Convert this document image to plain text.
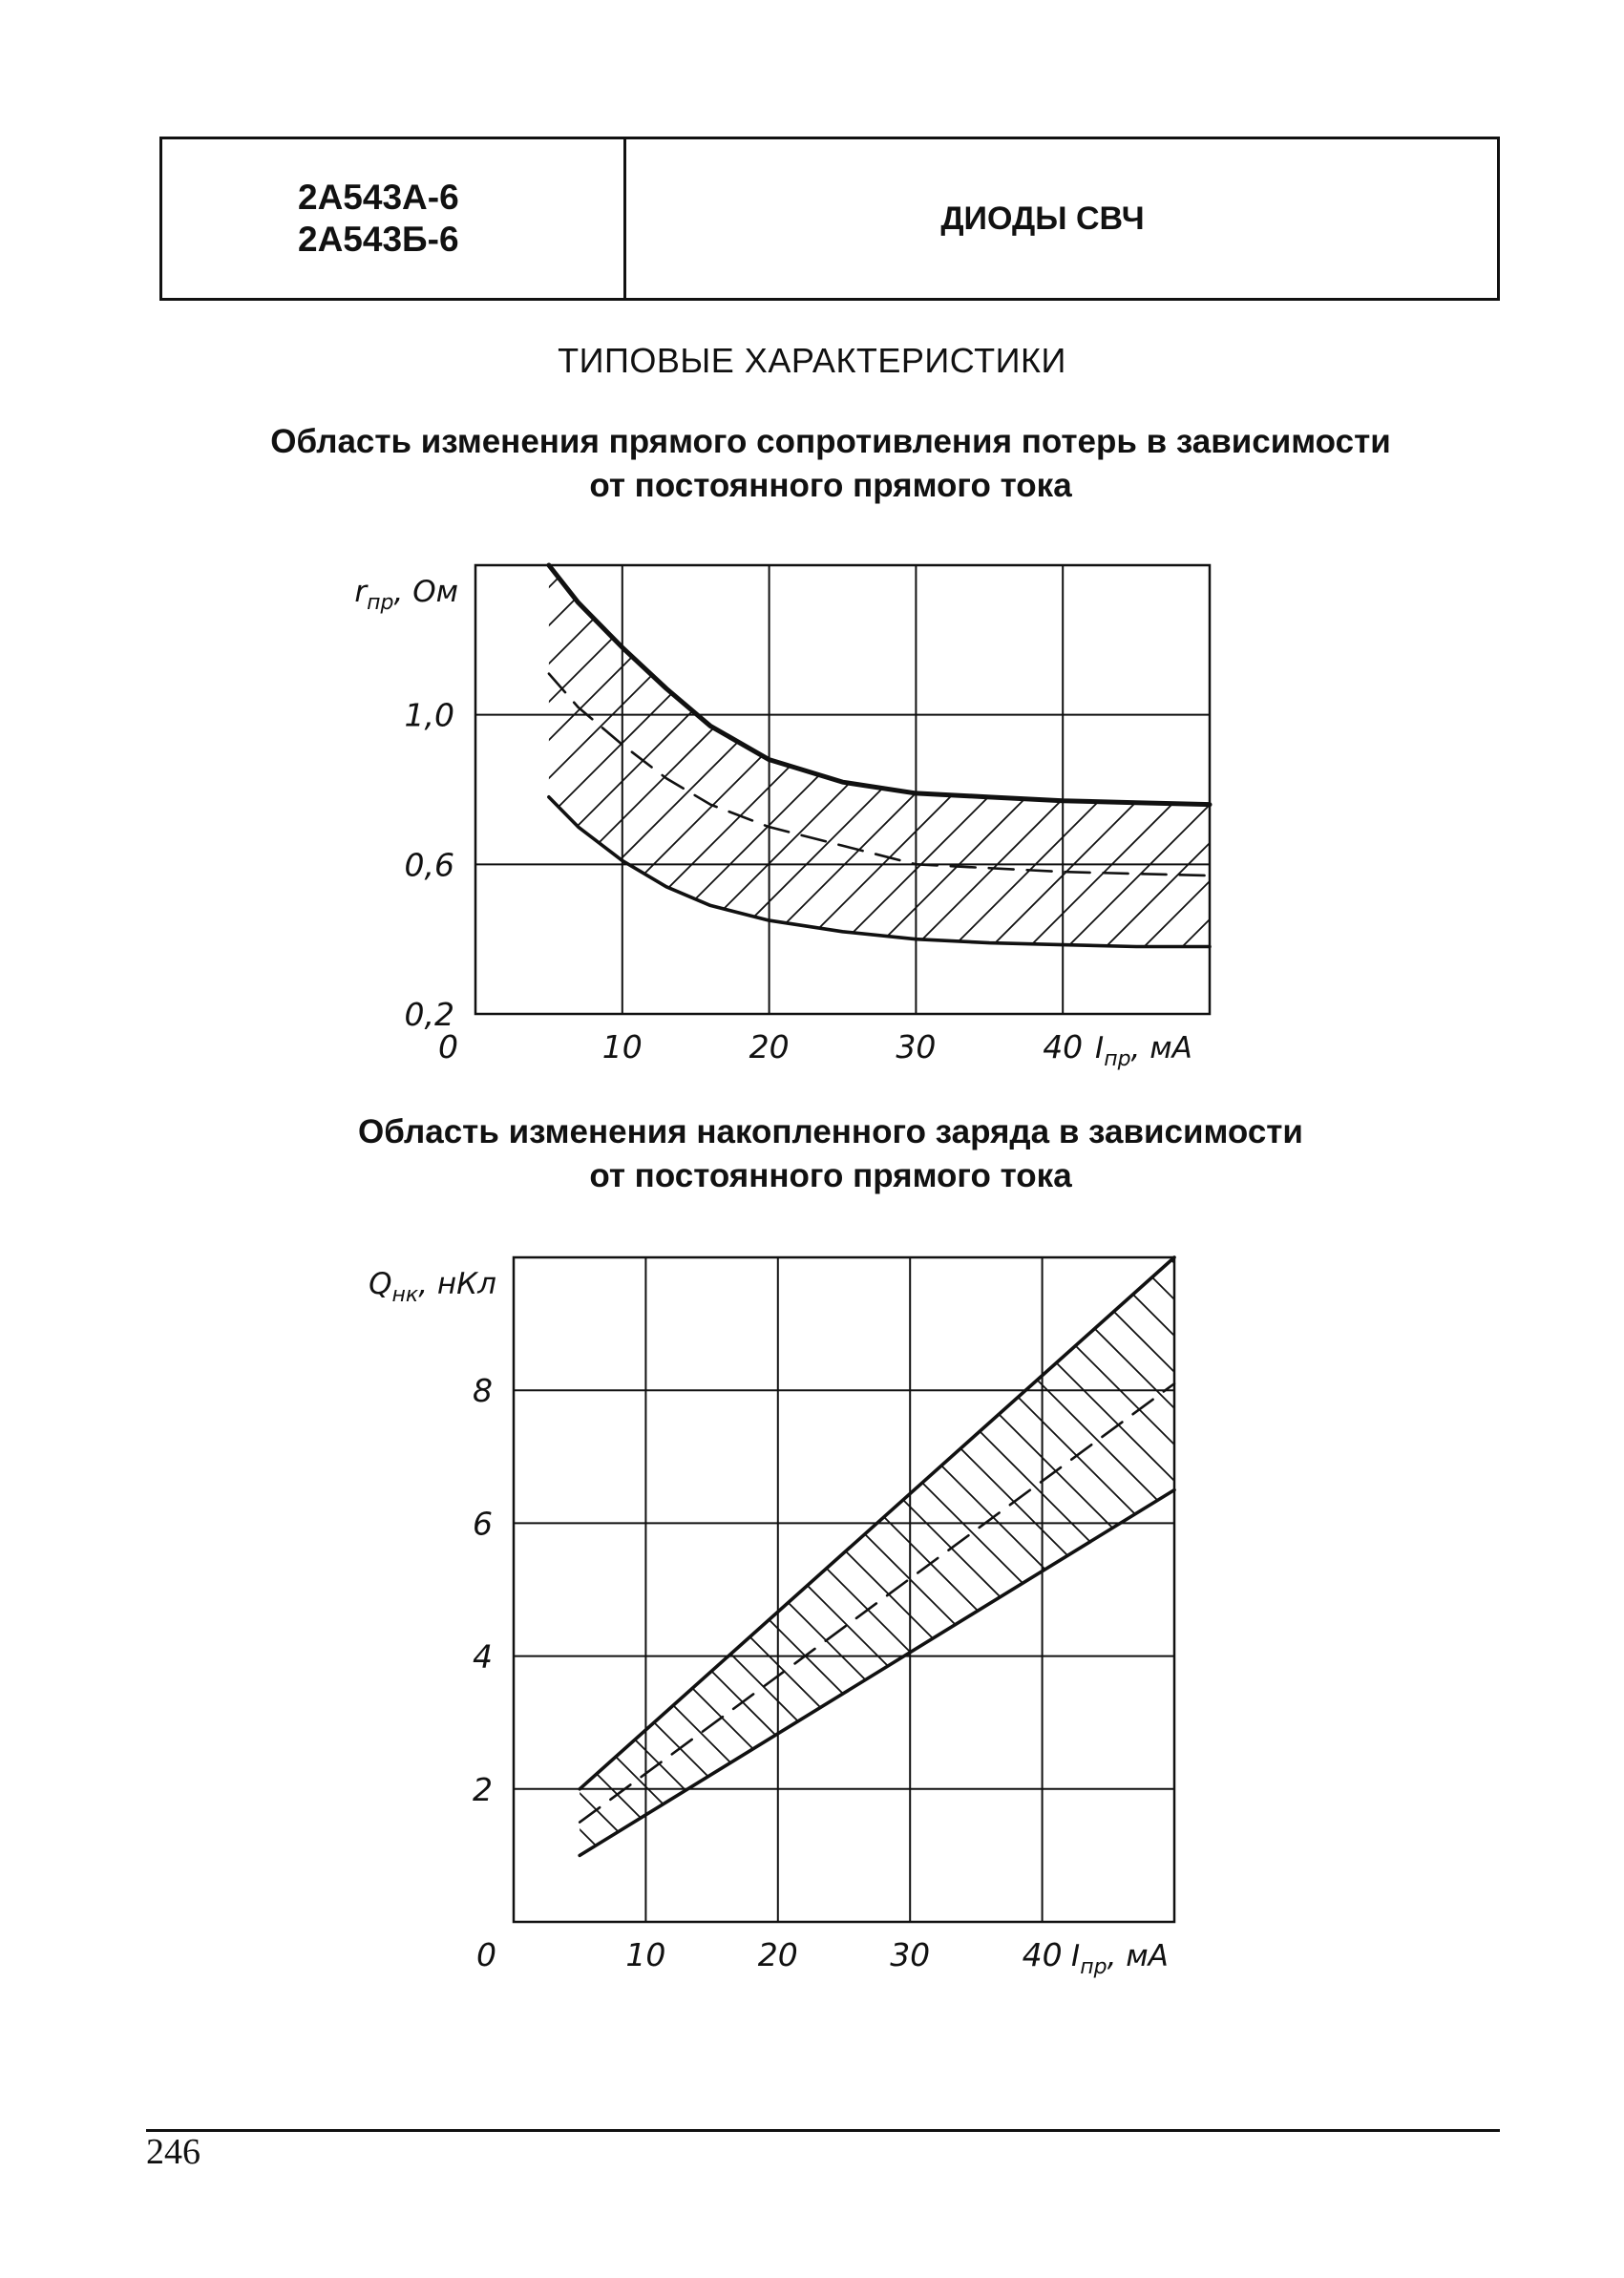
2А543А-6
2А543Б-6
ДИОДЫ СВЧ
ТИПОВЫЕ ХАРАКТЕРИСТИКИ
Область изменения прямого сопротивления потерь в зависимости
от постоянного прямого тока
Область изменения накопленного заряда в зависимости
от постоянного прямого тока
0,2
0,6
1,0
0	10	20	30	40
$r_{пр}$, Ом
$I_{пр}$, мА
2
4
6
8
0	10	20	30	40
$Q_{нк}$, нКл
$I_{пр}$, мА
246
